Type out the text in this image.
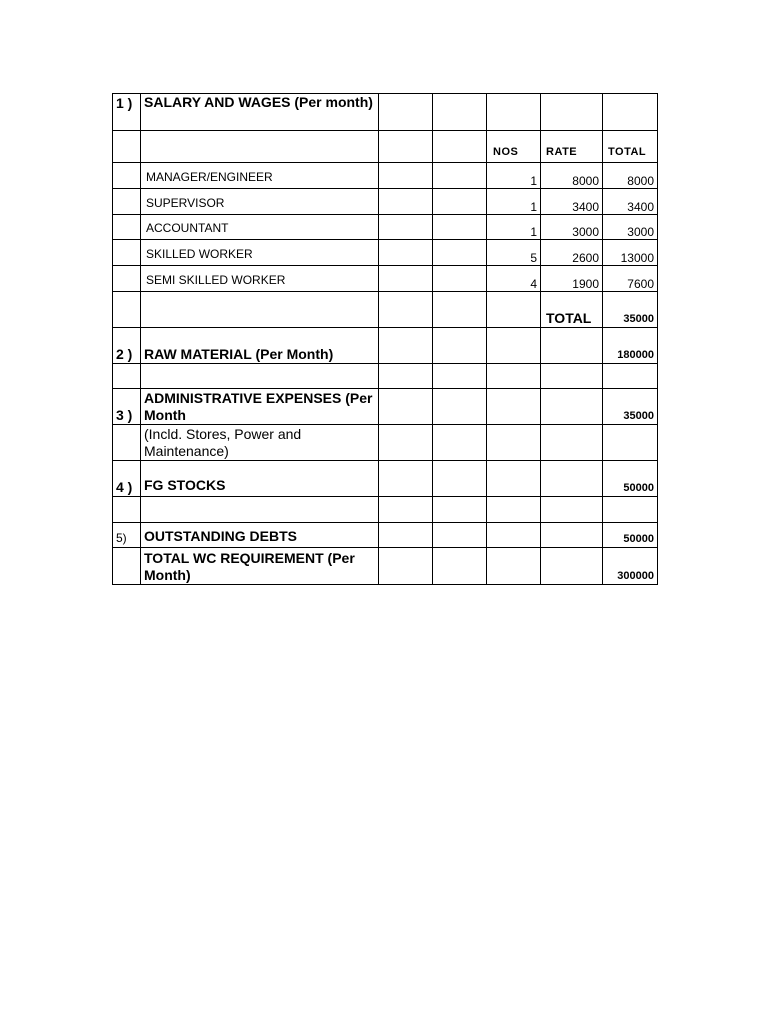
1 )	SALARY AND WAGES (Per month)					
				NOS	RATE	TOTAL
	MANAGER/ENGINEER			1	8000	8000
	SUPERVISOR			1	3400	3400
	ACCOUNTANT			1	3000	3000
	SKILLED WORKER			5	2600	13000
	SEMI SKILLED WORKER			4	1900	7600
					TOTAL	35000
2 )	RAW MATERIAL (Per Month)					180000

3 )	ADMINISTRATIVE EXPENSES (Per Month					35000
	(Incld. Stores, Power and Maintenance)					
4 )	FG STOCKS					50000

5)	OUTSTANDING DEBTS					50000
	TOTAL WC REQUIREMENT (Per Month)					300000
